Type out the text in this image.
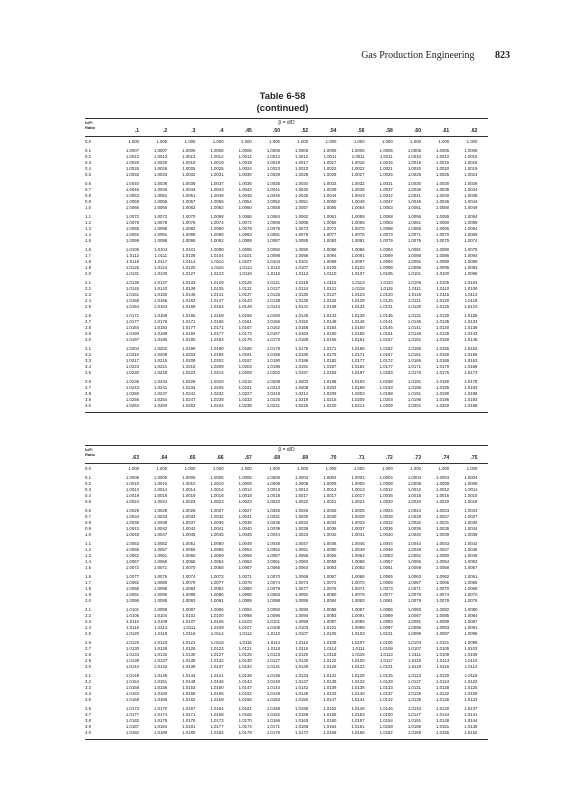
Gas Production Engineering 823
Table 6-58
(continued)
hₗ/Pₗ
Ratio
β = d/D
.1	.2	.3	.4	.45	.50	.52	.54	.56	.58	.60	.61	.62
0.0	1.000	1.000	1.000	1.000	1.000	1.000	1.000	1.000	1.000	1.000	1.000	1.000	1.000
0.1	1.0007	1.0007	1.0006	1.0006	1.0006	1.0006	1.0006	1.0006	1.0006	1.0005	1.0005	1.0005	1.0005
0.2	1.0013	1.0013	1.0013	1.0012	1.0012	1.0012	1.0012	1.0011	1.0011	1.0011	1.0010	1.0010	1.0010
0.3	1.0020	1.0020	1.0019	1.0019	1.0018	1.0018	1.0017	1.0017	1.0016	1.0016	1.0015	1.0015	1.0015
0.4	1.0026	1.0026	1.0025	1.0025	1.0024	1.0023	1.0023	1.0022	1.0022	1.0021	1.0020	1.0020	1.0019
0.5	1.0033	1.0033	1.0032	1.0031	1.0030	1.0029	1.0028	1.0028	1.0027	1.0026	1.0025	1.0025	1.0024
0.6	1.0040	1.0039	1.0038	1.0037	1.0036	1.0035	1.0034	1.0033	1.0032	1.0031	1.0030	1.0030	1.0029
0.7	1.0046	1.0046	1.0044	1.0043	1.0042	1.0041	1.0040	1.0039	1.0038	1.0037	1.0036	1.0035	1.0034
0.8	1.0053	1.0052	1.0051	1.0049	1.0048	1.0046	1.0045	1.0044	1.0043	1.0042	1.0041	1.0040	1.0039
0.9	1.0059	1.0059	1.0057	1.0056	1.0054	1.0052	1.0051	1.0050	1.0049	1.0047	1.0046	1.0045	1.0044
1.0	1.0066	1.0065	1.0063	1.0062	1.0060	1.0058	1.0057	1.0055	1.0054	1.0053	1.0051	1.0050	1.0049
1.1	1.0072	1.0072	1.0070	1.0068	1.0066	1.0064	1.0062	1.0061	1.0059	1.0058	1.0056	1.0055	1.0054
1.2	1.0079	1.0078	1.0076	1.0074	1.0072	1.0069	1.0068	1.0066	1.0065	1.0063	1.0061	1.0060	1.0059
1.3	1.0085	1.0085	1.0082	1.0080	1.0078	1.0075	1.0073	1.0072	1.0070	1.0068	1.0066	1.0065	1.0064
1.4	1.0092	1.0091	1.0089	1.0086	1.0083	1.0081	1.0079	1.0077	1.0075	1.0073	1.0071	1.0070	1.0069
1.5	1.0099	1.0098	1.0095	1.0092	1.0089	1.0087	1.0085	1.0083	1.0081	1.0079	1.0076	1.0075	1.0074
1.6	1.0105	1.0104	1.0101	1.0098	1.0095	1.0092	1.0090	1.0088	1.0086	1.0084	1.0081	1.0080	1.0079
1.7	1.0112	1.0111	1.0108	1.0104	1.0101	1.0098	1.0096	1.0094	1.0091	1.0089	1.0086	1.0085	1.0084
1.8	1.0118	1.0117	1.0114	1.0110	1.0107	1.0104	1.0101	1.0099	1.0097	1.0094	1.0091	1.0090	1.0088
1.9	1.0125	1.0124	1.0120	1.0116	1.0113	1.0110	1.0107	1.0105	1.0102	1.0099	1.0096	1.0095	1.0093
2.0	1.0131	1.0130	1.0127	1.0123	1.0119	1.0115	1.0113	1.0110	1.0107	1.0105	1.0101	1.0100	1.0098
2.1	1.0138	1.0137	1.0133	1.0129	1.0125	1.0121	1.0118	1.0116	1.0113	1.0110	1.0106	1.0105	1.0103
2.2	1.0145	1.0143	1.0139	1.0135	1.0131	1.0127	1.0124	1.0121	1.0118	1.0115	1.0111	1.0110	1.0108
2.3	1.0151	1.0150	1.0146	1.0141	1.0137	1.0133	1.0130	1.0127	1.0123	1.0120	1.0116	1.0115	1.0113
2.4	1.0158	1.0156	1.0152	1.0147	1.0143	1.0138	1.0135	1.0132	1.0129	1.0125	1.0121	1.0120	1.0118
2.5	1.0164	1.0163	1.0158	1.0153	1.0149	1.0144	1.0141	1.0138	1.0134	1.0131	1.0126	1.0125	1.0123
2.6	1.0171	1.0169	1.0165	1.0159	1.0155	1.0150	1.0146	1.0143	1.0139	1.0136	1.0131	1.0130	1.0128
2.7	1.0177	1.0176	1.0171	1.0165	1.0161	1.0156	1.0152	1.0149	1.0145	1.0141	1.0136	1.0135	1.0133
2.8	1.0184	1.0182	1.0177	1.0171	1.0167	1.0162	1.0158	1.0154	1.0150	1.0146	1.0141	1.0140	1.0138
2.9	1.0190	1.0189	1.0184	1.0177	1.0173	1.0167	1.0163	1.0160	1.0155	1.0151	1.0146	1.0145	1.0143
3.0	1.0197	1.0195	1.0190	1.0183	1.0179	1.0173	1.0169	1.0165	1.0161	1.0157	1.0151	1.0150	1.0148
3.1	1.0204	1.0202	1.0196	1.0190	1.0185	1.0179	1.0175	1.0171	1.0166	1.0162	1.0156	1.0155	1.0153
3.2	1.0210	1.0208	1.0203	1.0196	1.0191	1.0185	1.0180	1.0176	1.0171	1.0167	1.0161	1.0160	1.0158
3.3	1.0217	1.0215	1.0209	1.0202	1.0197	1.0190	1.0186	1.0182	1.0177	1.0172	1.0166	1.0165	1.0163
3.4	1.0223	1.0221	1.0215	1.0208	1.0203	1.0196	1.0191	1.0187	1.0182	1.0177	1.0171	1.0170	1.0168
3.5	1.0230	1.0228	1.0222	1.0214	1.0209	1.0202	1.0197	1.0193	1.0187	1.0183	1.0176	1.0175	1.0173
3.6	1.0236	1.0234	1.0228	1.0220	1.0215	1.0208	1.0203	1.0198	1.0193	1.0188	1.0181	1.0180	1.0178
3.7	1.0243	1.0241	1.0234	1.0226	1.0221	1.0213	1.0208	1.0204	1.0198	1.0193	1.0186	1.0185	1.0183
3.8	1.0250	1.0247	1.0241	1.0232	1.0227	1.0219	1.0214	1.0209	1.0203	1.0198	1.0191	1.0190	1.0188
3.9	1.0256	1.0254	1.0247	1.0238	1.0233	1.0225	1.0219	1.0215	1.0209	1.0203	1.0196	1.0195	1.0193
4.0	1.0263	1.0260	1.0253	1.0244	1.0239	1.0231	1.0225	1.0220	1.0214	1.0209	1.0201	1.0200	1.0198
hₗ/Pₗ
Ratio
β = d/D
.63	.64	.65	.66	.67	.68	.69	.70	.71	.72	.73	.74	.75
0.0	1.000	1.000	1.000	1.000	1.000	1.000	1.000	1.000	1.000	1.000	1.000	1.000	1.000
0.1	1.0005	1.0005	1.0005	1.0005	1.0005	1.0005	1.0004	1.0004	1.0004	1.0004	1.0004	1.0004	1.0004
0.2	1.0010	1.0010	1.0010	1.0010	1.0009	1.0009	1.0009	1.0009	1.0009	1.0008	1.0008	1.0008	1.0008
0.3	1.0014	1.0014	1.0014	1.0014	1.0014	1.0013	1.0013	1.0013	1.0013	1.0012	1.0012	1.0012	1.0011
0.4	1.0019	1.0019	1.0019	1.0018	1.0018	1.0018	1.0017	1.0017	1.0017	1.0016	1.0016	1.0016	1.0015
0.5	1.0024	1.0024	1.0023	1.0023	1.0023	1.0022	1.0022	1.0021	1.0021	1.0020	1.0020	1.0020	1.0019
0.6	1.0029	1.0028	1.0028	1.0027	1.0027	1.0026	1.0026	1.0025	1.0025	1.0024	1.0024	1.0023	1.0023
0.7	1.0034	1.0033	1.0033	1.0032	1.0031	1.0031	1.0030	1.0030	1.0029	1.0028	1.0028	1.0027	1.0027
0.8	1.0038	1.0038	1.0037	1.0036	1.0036	1.0035	1.0034	1.0034	1.0033	1.0032	1.0032	1.0031	1.0030
0.9	1.0043	1.0042	1.0042	1.0041	1.0040	1.0039	1.0039	1.0038	1.0037	1.0036	1.0036	1.0035	1.0034
1.0	1.0048	1.0047	1.0046	1.0045	1.0045	1.0044	1.0043	1.0042	1.0041	1.0040	1.0040	1.0039	1.0038
1.1	1.0053	1.0052	1.0051	1.0050	1.0049	1.0048	1.0047	1.0046	1.0045	1.0044	1.0044	1.0043	1.0042
1.2	1.0058	1.0057	1.0056	1.0055	1.0054	1.0052	1.0051	1.0050	1.0049	1.0048	1.0048	1.0047	1.0046
1.3	1.0062	1.0061	1.0060	1.0059	1.0058	1.0057	1.0056	1.0055	1.0054	1.0053	1.0052	1.0050	1.0049
1.4	1.0067	1.0066	1.0065	1.0064	1.0063	1.0061	1.0060	1.0059	1.0058	1.0057	1.0055	1.0054	1.0053
1.5	1.0072	1.0071	1.0070	1.0068	1.0067	1.0066	1.0064	1.0063	1.0062	1.0061	1.0059	1.0058	1.0057
1.6	1.0077	1.0076	1.0074	1.0073	1.0071	1.0070	1.0069	1.0067	1.0066	1.0065	1.0063	1.0062	1.0061
1.7	1.0082	1.0080	1.0079	1.0077	1.0076	1.0074	1.0073	1.0072	1.0070	1.0069	1.0067	1.0066	1.0065
1.8	1.0086	1.0085	1.0084	1.0082	1.0080	1.0079	1.0077	1.0076	1.0074	1.0073	1.0071	1.0070	1.0068
1.9	1.0091	1.0090	1.0088	1.0086	1.0085	1.0083	1.0082	1.0080	1.0078	1.0077	1.0075	1.0074	1.0072
2.0	1.0096	1.0095	1.0093	1.0091	1.0089	1.0088	1.0086	1.0084	1.0083	1.0081	1.0079	1.0078	1.0076
2.1	1.0101	1.0099	1.0097	1.0096	1.0094	1.0092	1.0090	1.0088	1.0087	1.0085	1.0083	1.0082	1.0080
2.2	1.0106	1.0104	1.0102	1.0100	1.0098	1.0096	1.0094	1.0093	1.0091	1.0089	1.0087	1.0085	1.0084
2.3	1.0110	1.0109	1.0107	1.0105	1.0103	1.0101	1.0099	1.0097	1.0095	1.0093	1.0091	1.0089	1.0087
2.4	1.0115	1.0113	1.0111	1.0109	1.0107	1.0105	1.0103	1.0101	1.0099	1.0097	1.0095	1.0093	1.0091
2.5	1.0120	1.0118	1.0116	1.0114	1.0112	1.0110	1.0107	1.0105	1.0103	1.0101	1.0099	1.0097	1.0095
2.6	1.0125	1.0123	1.0121	1.0118	1.0116	1.0114	1.0112	1.0109	1.0107	1.0105	1.0103	1.0101	1.0099
2.7	1.0130	1.0128	1.0125	1.0123	1.0121	1.0118	1.0116	1.0114	1.0111	1.0109	1.0107	1.0105	1.0103
2.8	1.0134	1.0132	1.0130	1.0127	1.0125	1.0123	1.0120	1.0118	1.0116	1.0113	1.0111	1.0109	1.0106
2.9	1.0139	1.0137	1.0135	1.0132	1.0130	1.0127	1.0125	1.0122	1.0120	1.0117	1.0115	1.0113	1.0110
3.0	1.0144	1.0142	1.0139	1.0137	1.0134	1.0131	1.0129	1.0126	1.0124	1.0121	1.0119	1.0116	1.0114
3.1	1.0149	1.0146	1.0144	1.0141	1.0138	1.0136	1.0133	1.0131	1.0128	1.0125	1.0123	1.0120	1.0118
3.2	1.0154	1.0151	1.0148	1.0146	1.0143	1.0140	1.0137	1.0135	1.0132	1.0129	1.0127	1.0124	1.0122
3.3	1.0158	1.0156	1.0153	1.0150	1.0147	1.0144	1.0142	1.0139	1.0136	1.0133	1.0131	1.0128	1.0125
3.4	1.0163	1.0160	1.0158	1.0155	1.0152	1.0149	1.0146	1.0143	1.0140	1.0137	1.0135	1.0132	1.0129
3.5	1.0168	1.0165	1.0162	1.0159	1.0156	1.0153	1.0150	1.0147	1.0144	1.0142	1.0139	1.0136	1.0133
3.6	1.0173	1.0170	1.0167	1.0164	1.0161	1.0158	1.0155	1.0152	1.0149	1.0146	1.0143	1.0140	1.0137
3.7	1.0177	1.0174	1.0171	1.0168	1.0165	1.0162	1.0159	1.0156	1.0153	1.0150	1.0147	1.0144	1.0141
3.8	1.0182	1.0179	1.0176	1.0173	1.0170	1.0166	1.0163	1.0160	1.0157	1.0154	1.0151	1.0148	1.0144
3.9	1.0187	1.0184	1.0181	1.0177	1.0174	1.0171	1.0168	1.0164	1.0161	1.0158	1.0155	1.0151	1.0148
4.0	1.0192	1.0189	1.0185	1.0182	1.0179	1.0175	1.0172	1.0168	1.0165	1.0162	1.0159	1.0155	1.0152
